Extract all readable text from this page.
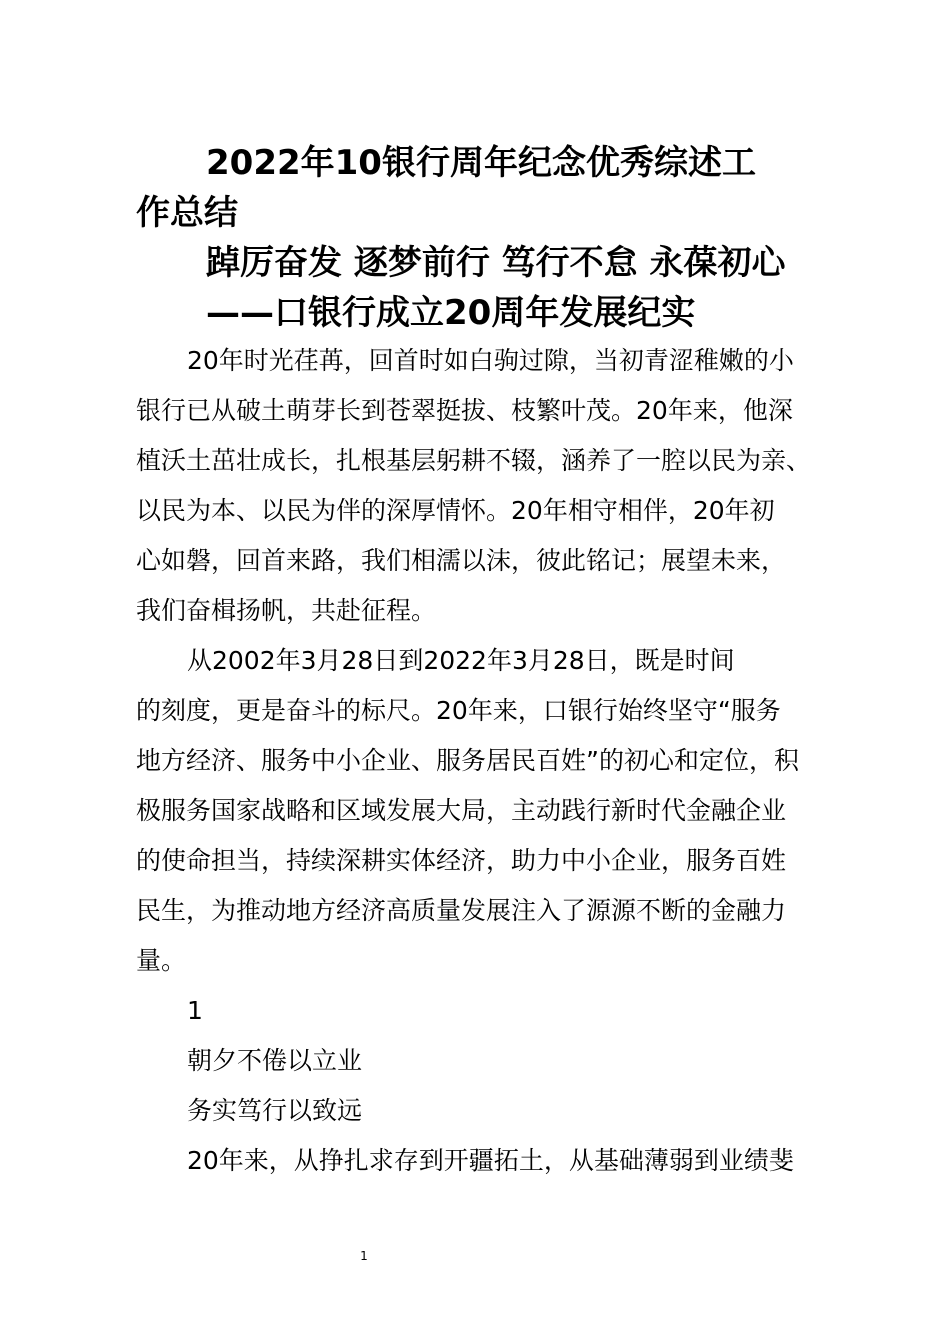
2022年10银行周年纪念优秀综述工

作总结

踔厉奋发 逐梦前行 笃行不怠 永葆初心

——口银行成立20周年发展纪实

20年时光荏苒，回首时如白驹过隙，当初青涩稚嫩的小

银行已从破土萌芽长到苍翠挺拔、枝繁叶茂。20年来，他深

植沃土茁壮成长，扎根基层躬耕不辍，涵养了一腔以民为亲、

以民为本、以民为伴的深厚情怀。20年相守相伴，20年初

心如磐，回首来路，我们相濡以沫，彼此铭记；展望未来，

我们奋楫扬帆，共赴征程。

从2002年3月28日到2022年3月28日，既是时间

的刻度，更是奋斗的标尺。20年来，口银行始终坚守“服务

地方经济、服务中小企业、服务居民百姓”的初心和定位，积

极服务国家战略和区域发展大局，主动践行新时代金融企业

的使命担当，持续深耕实体经济，助力中小企业，服务百姓

民生，为推动地方经济高质量发展注入了源源不断的金融力

量。

1

朝夕不倦以立业

务实笃行以致远

20年来，从挣扎求存到开疆拓土，从基础薄弱到业绩斐

1
